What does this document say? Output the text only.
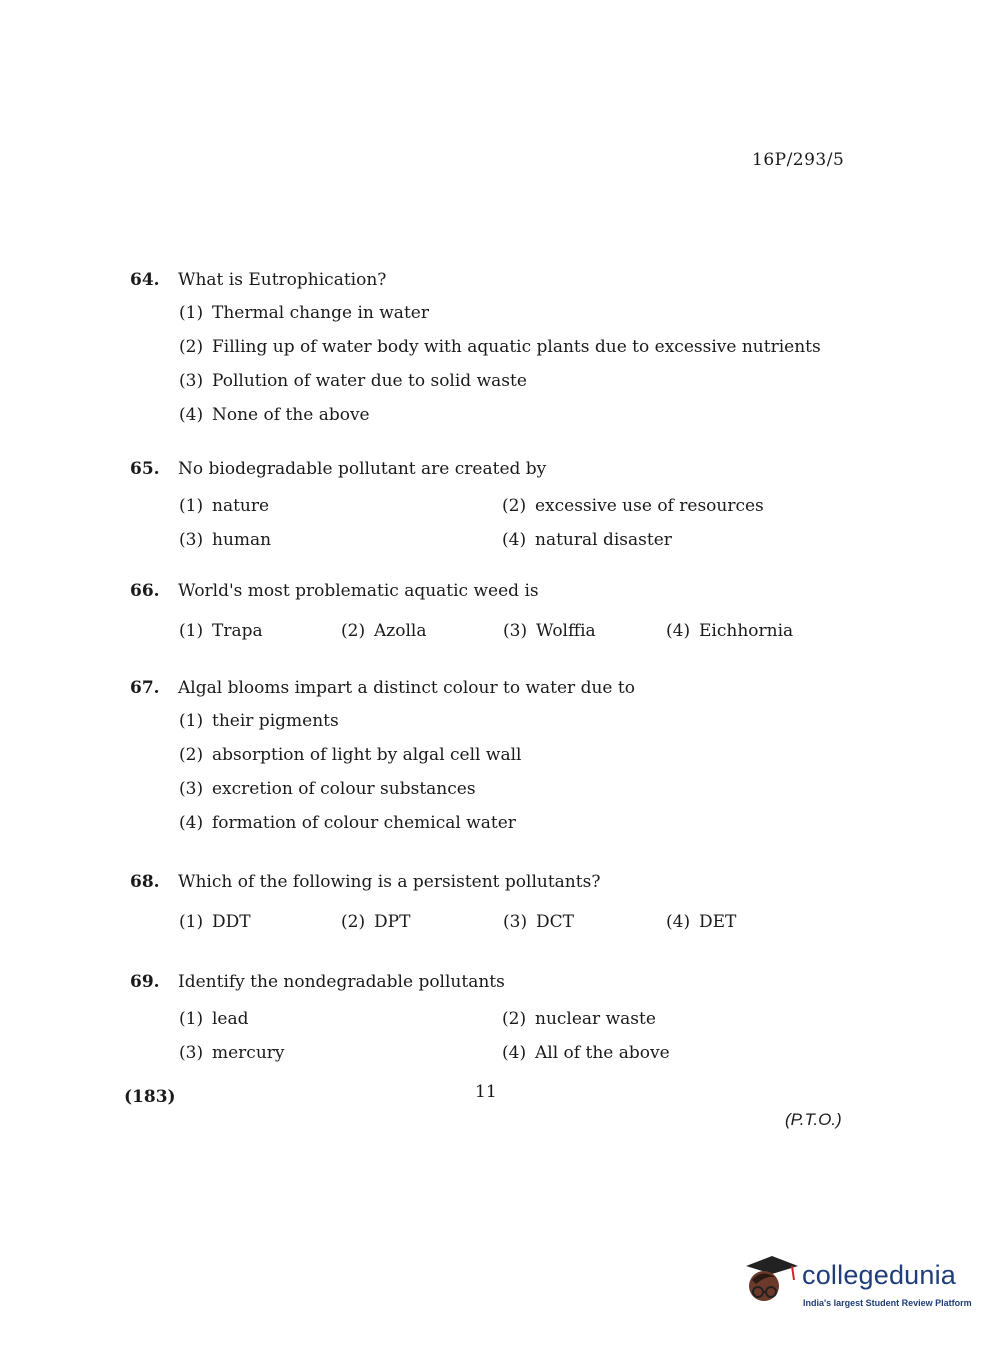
16P/293/5
64.	What is Eutrophication?
(1) Thermal change in water
(2) Filling up of water body with aquatic plants due to excessive nutrients
(3) Pollution of water due to solid waste
(4) None of the above
65.	No biodegradable pollutant are created by
(1) nature	(2) excessive use of resources
(3) human	(4) natural disaster
66.	World's most problematic aquatic weed is
(1) Trapa	(2) Azolla	(3) Wolffia	(4) Eichhornia
67.	Algal blooms impart a distinct colour to water due to
(1) their pigments
(2) absorption of light by algal cell wall
(3) excretion of colour substances
(4) formation of colour chemical water
68.	Which of the following is a persistent pollutants?
(1) DDT	(2) DPT	(3) DCT	(4) DET
69.	Identify the nondegradable pollutants
(1) lead	(2) nuclear waste
(3) mercury	(4) All of the above
(183)	11
(P.T.O.)
collegedunia
India's largest Student Review Platform
